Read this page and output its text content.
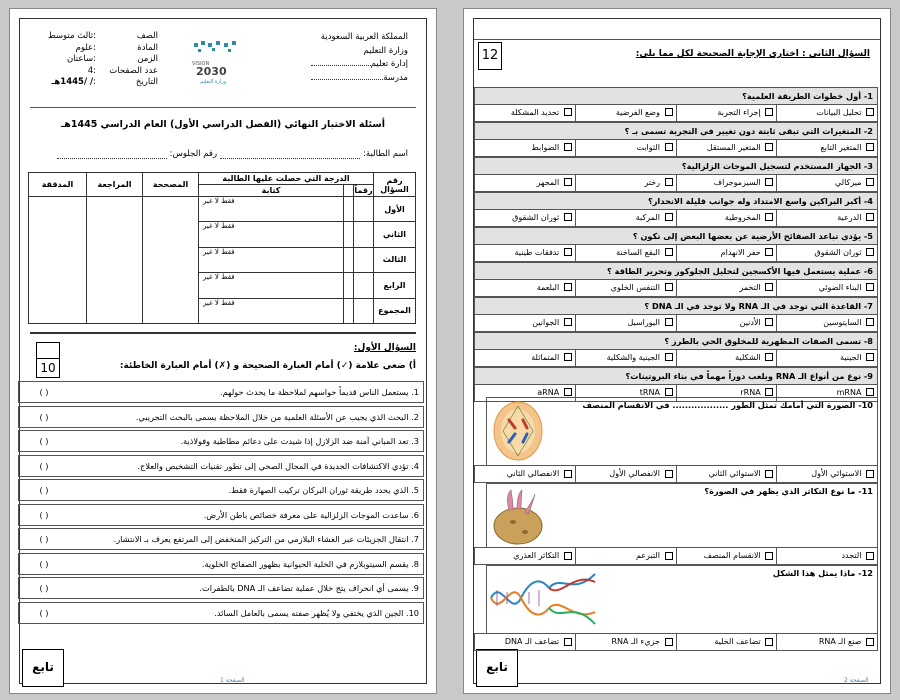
المملكة العربية السعودية
وزارة التعليم
إدارة تعليم
مدرسة
VISION
2030
وزارة التعليم
الصف
:
ثالث متوسط
المادة
:
علوم
الزمن
:
ساعتان
عدد الصفحات
:
4
التاريخ
:
/ /1445هـ
أسئلة الاختبار النهائي (الفصل الدراسي الأول) العام الدراسي 1445هـ
اسم الطالبة:
رقم الجلوس:
رقم السؤال	الدرجة التي حصلت عليها الطالبة			المصححة	المراجعة	المدققة
	رقماً		كتابة			
الأول			فقط لا غير			
الثاني			فقط لا غير			
الثالث			فقط لا غير			
الرابع			فقط لا غير			
المجموع			فقط لا غير			
10
السؤال الأول:
أ) ضعي علامة (✓) أمام العبارة الصحيحة و (✗) أمام العبارة الخاطئة:
تابع
الصفحة 1
1. يستعمل الناس قديماً حواسهم لملاحظة ما يحدث حولهم.
( )
2. البحث الذي يجيب عن الأسئلة العلمية من خلال الملاحظة يسمى بالبحث التجريبي.
( )
3. تعد المباني آمنة ضد الزلازل إذا شيدت على دعائم مطاطية وفولاذية.
( )
4. تؤدي الاكتشافات الجديدة في المجال الصحي إلى تطور تقنيات التشخيص والعلاج.
( )
5. الذي يحدد طريقة ثوران البركان تركيب الصهارة فقط.
( )
6. ساعدت الموجات الزلزالية على معرفة خصائص باطن الأرض.
( )
7. انتقال الجزيئات عبر الغشاء البلازمي من التركيز المنخفض إلى المرتفع يعرف بـ الانتشار.
( )
8. يقسم السيتوبلازم في الخلية الحيوانية بظهور الصفائح الخلوية.
( )
9. يسمى أي انحراف يتج خلال عملية تضاعف الـ DNA بالطفرات.
( )
10. الجين الذي يختفي ولا يُظهر صفته يسمى بالعامل السائد.
( )
12	السؤال الثاني : اختاري الإجابة الصحيحة لكل مما يلي:
تابع
الصفحة 2
1- أول خطوات الطريقة العلمية؟
تحليل البيانات
إجراء التجربة
وضع الفرضية
تحديد المشكلة
2- المتغيرات التي تبقى ثابتة دون تغيير في التجربة تسمى بـ ؟
المتغير التابع
المتغير المستقل
الثوابت
الضوابط
3- الجهاز المستخدم لتسجيل الموجات الزلزالية؟
ميركالي
السيزموجراف
رختر
المجهر
4- أكبر البراكين واسع الامتداد وله جوانب قليلة الانحدار؟
الدرعية
المخروطية
المركبة
ثوران الشقوق
5- يؤدي تباعد الصفائح الأرضية عن بعضها البعض إلى تكون ؟
ثوران الشقوق
حفر الانهدام
البقع الساخنة
تدفقات طينية
6- عملية يستعمل فيها الأكسجين لتحليل الجلوكوز وتحرير الطاقة ؟
البناء الضوئي
التخمر
التنفس الخلوي
البلعمة
7- القاعدة التي توجد في الـ RNA ولا توجد في الـ DNA ؟
السايتوسين
الأدنين
اليوراسيل
الجوانين
8- تسمى الصفات المظهرية للمخلوق الحي بالطرز ؟
الجينية
الشكلية
الجينية والشكلية
المتماثلة
9- نوع من أنواع الـ RNA ويلعب دوراً مهماً في بناء البروتينات؟
mRNA
rRNA
tRNA
aRNA
10- الصورة التي أمامك تمثل الطور .................. في الانقسام المنصف
الاستوائي الأول
الاستوائي الثاني
الانفصالي الأول
الانفصالي الثاني
11- ما نوع التكاثر الذي يظهر في الصورة؟
التجدد
الانقسام المنصف
التبرعم
التكاثر العذري
12- ماذا يمثل هذا الشكل
صنع الـ RNA
تضاعف الخلية
جزيء الـ RNA
تضاعف الـ DNA
